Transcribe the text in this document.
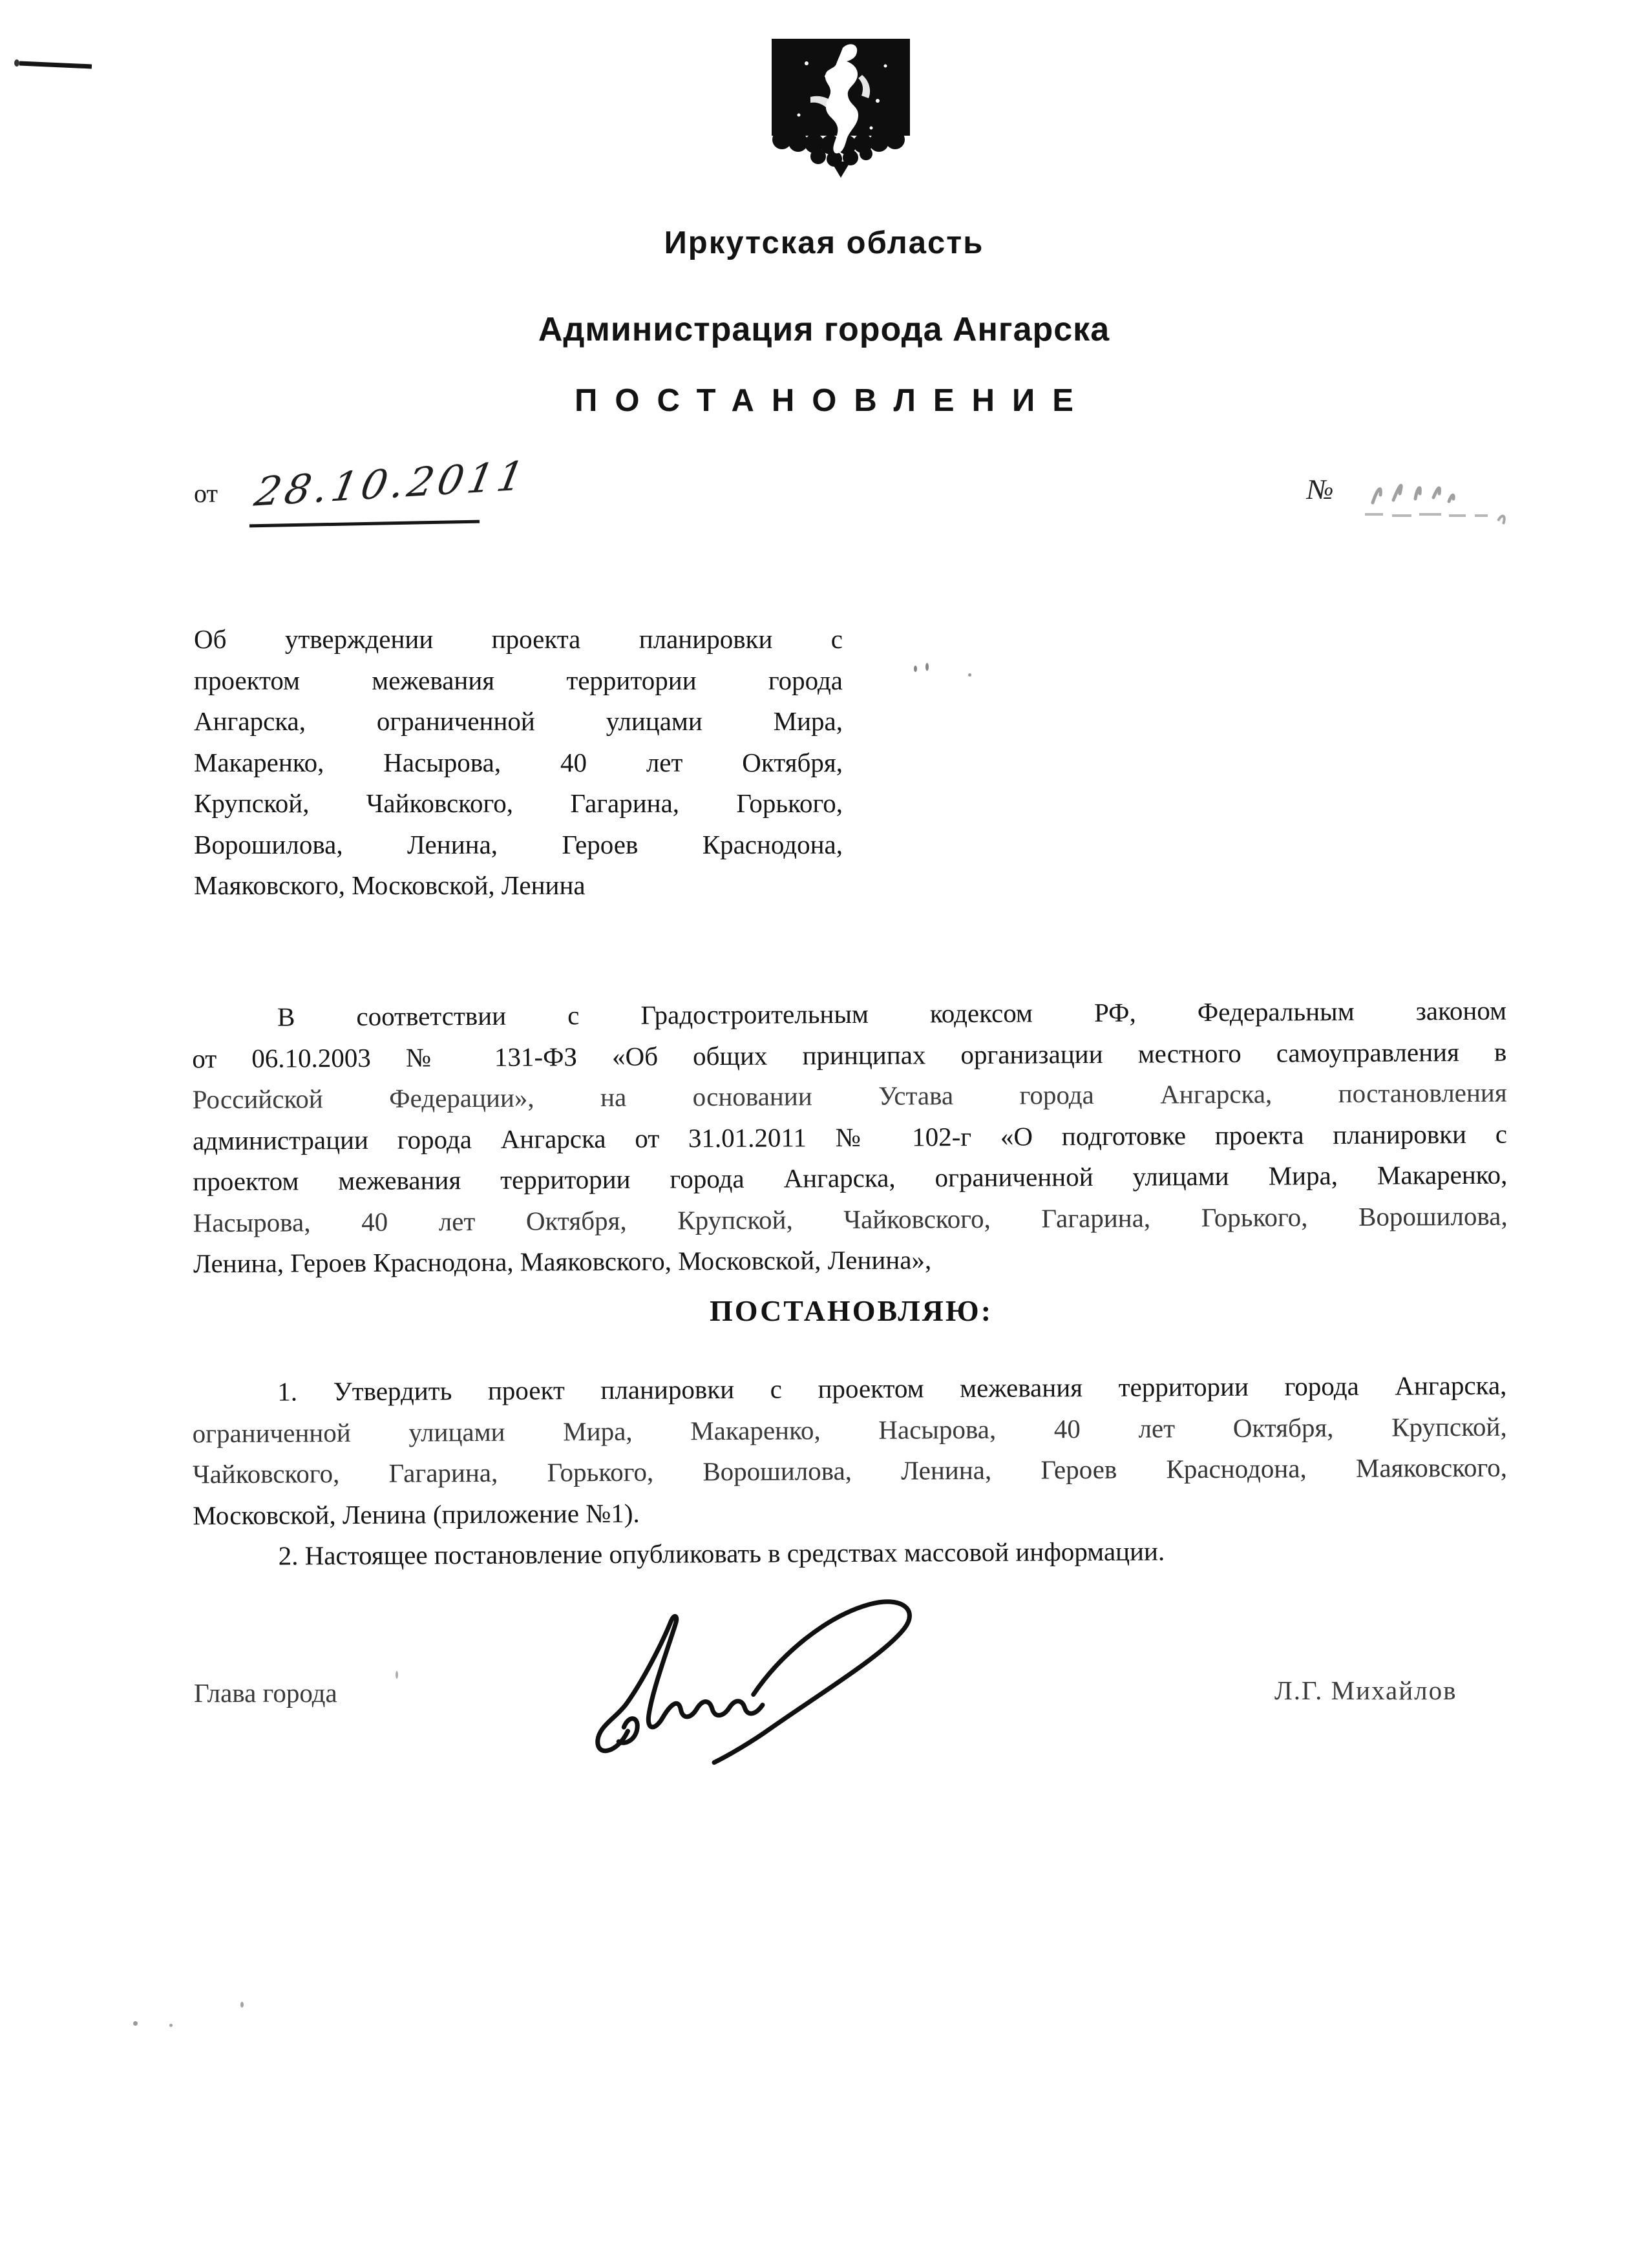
Иркутская область
Администрация города Ангарска
ПОСТАНОВЛЕНИЕ
от 28.10.2011	№
Об утверждении проекта планировки с
проектом межевания территории города
Ангарска, ограниченной улицами Мира,
Макаренко, Насырова, 40 лет Октября,
Крупской, Чайковского, Гагарина, Горького,
Ворошилова, Ленина, Героев Краснодона,
Маяковского, Московской, Ленина
В соответствии с Градостроительным кодексом РФ, Федеральным законом
от 06.10.2003 № 131-ФЗ «Об общих принципах организации местного самоуправления в
Российской Федерации», на основании Устава города Ангарска, постановления
администрации города Ангарска от 31.01.2011 № 102-г «О подготовке проекта планировки с
проектом межевания территории города Ангарска, ограниченной улицами Мира, Макаренко,
Насырова, 40 лет Октября, Крупской, Чайковского, Гагарина, Горького, Ворошилова,
Ленина, Героев Краснодона, Маяковского, Московской, Ленина»,
ПОСТАНОВЛЯЮ:
1. Утвердить проект планировки с проектом межевания территории города Ангарска,
ограниченной улицами Мира, Макаренко, Насырова, 40 лет Октября, Крупской,
Чайковского, Гагарина, Горького, Ворошилова, Ленина, Героев Краснодона, Маяковского,
Московской, Ленина (приложение №1).
2. Настоящее постановление опубликовать в средствах массовой информации.
Глава города	Л.Г. Михайлов
